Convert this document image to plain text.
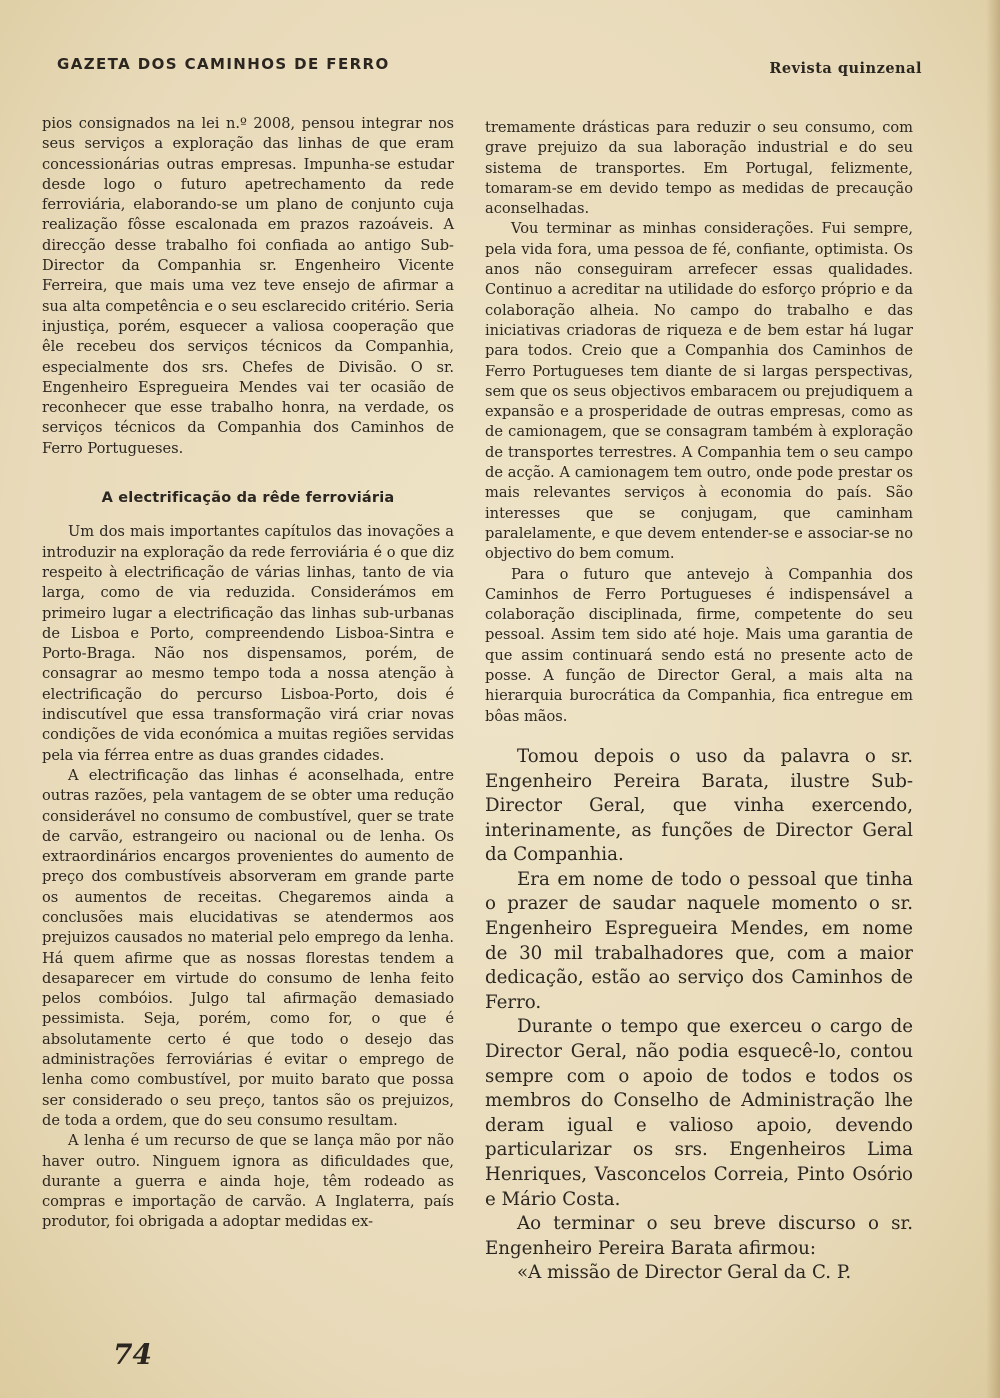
GAZETA DOS CAMINHOS DE FERRO	Revista quinzenal

pios consignados na lei n.º 2008, pensou integrar nos seus serviços a exploração das linhas de que eram concessionárias outras empresas. Impunha-se estudar desde logo o futuro apetrechamento da rede ferroviária, elaborando-se um plano de conjunto cuja realização fôsse escalonada em prazos razoáveis. A direcção desse trabalho foi confiada ao antigo Sub-Director da Companhia sr. Engenheiro Vicente Ferreira, que mais uma vez teve ensejo de afirmar a sua alta competência e o seu esclarecido critério. Seria injustiça, porém, esquecer a valiosa cooperação que êle recebeu dos serviços técnicos da Companhia, especialmente dos srs. Chefes de Divisão. O sr. Engenheiro Espregueira Mendes vai ter ocasião de reconhecer que esse trabalho honra, na verdade, os serviços técnicos da Companhia dos Caminhos de Ferro Portugueses.

A electrificação da rêde ferroviária

Um dos mais importantes capítulos das inovações a introduzir na exploração da rede ferroviária é o que diz respeito à electrificação de várias linhas, tanto de via larga, como de via reduzida. Considerámos em primeiro lugar a electrificação das linhas sub-urbanas de Lisboa e Porto, compreendendo Lisboa-Sintra e Porto-Braga. Não nos dispensamos, porém, de consagrar ao mesmo tempo toda a nossa atenção à electrificação do percurso Lisboa-Porto, dois é indiscutível que essa transformação virá criar novas condições de vida económica a muitas regiões servidas pela via férrea entre as duas grandes cidades.

A electrificação das linhas é aconselhada, entre outras razões, pela vantagem de se obter uma redução considerável no consumo de combustível, quer se trate de carvão, estrangeiro ou nacional ou de lenha. Os extraordinários encargos provenientes do aumento de preço dos combustíveis absorveram em grande parte os aumentos de receitas. Chegaremos ainda a conclusões mais elucidativas se atendermos aos prejuizos causados no material pelo emprego da lenha. Há quem afirme que as nossas florestas tendem a desaparecer em virtude do consumo de lenha feito pelos combóios. Julgo tal afirmação demasiado pessimista. Seja, porém, como for, o que é absolutamente certo é que todo o desejo das administrações ferroviárias é evitar o emprego de lenha como combustível, por muito barato que possa ser considerado o seu preço, tantos são os prejuizos, de toda a ordem, que do seu consumo resultam.

A lenha é um recurso de que se lança mão por não haver outro. Ninguem ignora as dificuldades que, durante a guerra e ainda hoje, têm rodeado as compras e importação de carvão. A Inglaterra, país produtor, foi obrigada a adoptar medidas ex-

tremamente drásticas para reduzir o seu consumo, com grave prejuizo da sua laboração industrial e do seu sistema de transportes. Em Portugal, felizmente, tomaram-se em devido tempo as medidas de precaução aconselhadas.

Vou terminar as minhas considerações. Fui sempre, pela vida fora, uma pessoa de fé, confiante, optimista. Os anos não conseguiram arrefecer essas qualidades. Continuo a acreditar na utilidade do esforço próprio e da colaboração alheia. No campo do trabalho e das iniciativas criadoras de riqueza e de bem estar há lugar para todos. Creio que a Companhia dos Caminhos de Ferro Portugueses tem diante de si largas perspectivas, sem que os seus objectivos embaracem ou prejudiquem a expansão e a prosperidade de outras empresas, como as de camionagem, que se consagram também à exploração de transportes terrestres. A Companhia tem o seu campo de acção. A camionagem tem outro, onde pode prestar os mais relevantes serviços à economia do país. São interesses que se conjugam, que caminham paralelamente, e que devem entender-se e associar-se no objectivo do bem comum.

Para o futuro que antevejo à Companhia dos Caminhos de Ferro Portugueses é indispensável a colaboração disciplinada, firme, competente do seu pessoal. Assim tem sido até hoje. Mais uma garantia de que assim continuará sendo está no presente acto de posse. A função de Director Geral, a mais alta na hierarquia burocrática da Companhia, fica entregue em bôas mãos.

Tomou depois o uso da palavra o sr. Engenheiro Pereira Barata, ilustre Sub-Director Geral, que vinha exercendo, interinamente, as funções de Director Geral da Companhia.

Era em nome de todo o pessoal que tinha o prazer de saudar naquele momento o sr. Engenheiro Espregueira Mendes, em nome de 30 mil trabalhadores que, com a maior dedicação, estão ao serviço dos Caminhos de Ferro.

Durante o tempo que exerceu o cargo de Director Geral, não podia esquecê-lo, contou sempre com o apoio de todos e todos os membros do Conselho de Administração lhe deram igual e valioso apoio, devendo particularizar os srs. Engenheiros Lima Henriques, Vasconcelos Correia, Pinto Osório e Mário Costa.

Ao terminar o seu breve discurso o sr. Engenheiro Pereira Barata afirmou:

«A missão de Director Geral da C. P.

74
